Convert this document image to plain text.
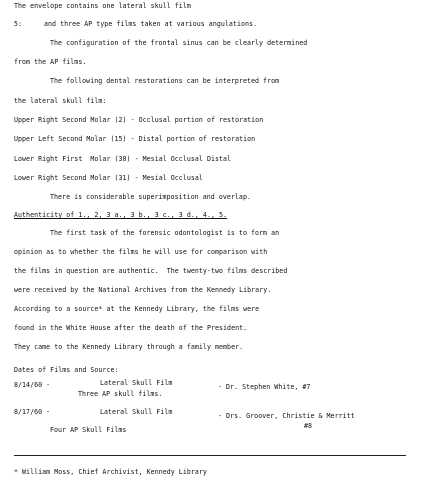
The envelope contains one lateral skull film
5:	and three AP type films taken at various angulations.
The configuration of the frontal sinus can be clearly determined
from the AP films.
The following dental restorations can be interpreted from
the lateral skull film:
Upper Right Second Molar (2) - Occlusal portion of restoration
Upper Left Second Molar (15) - Distal portion of restoration
Lower Right First  Molar (30) - Mesial Occlusal Distal
Lower Right Second Molar (31) - Mesial Occlusal
There is considerable superimposition and overlap.
Authenticity of 1., 2, 3 a., 3 b., 3 c., 3 d., 4., 5.
The first task of the forensic odontologist is to form an
opinion as to whether the films he will use for comparison with
the films in question are authentic.  The twenty-two films described
were received by the National Archives from the Kennedy Library.
According to a source* at the Kennedy Library, the films were
found in the White House after the death of the President.
They came to the Kennedy Library through a family member.
Dates of Films and Source:
8/14/60 -	Lateral Skull Film	- Dr. Stephen White, #7
Three AP skull films.
8/17/60 -	Lateral Skull Film	- Drs. Groover, Christie & Merritt
Four AP Skull Films	#8
* William Moss, Chief Archivist, Kennedy Library
